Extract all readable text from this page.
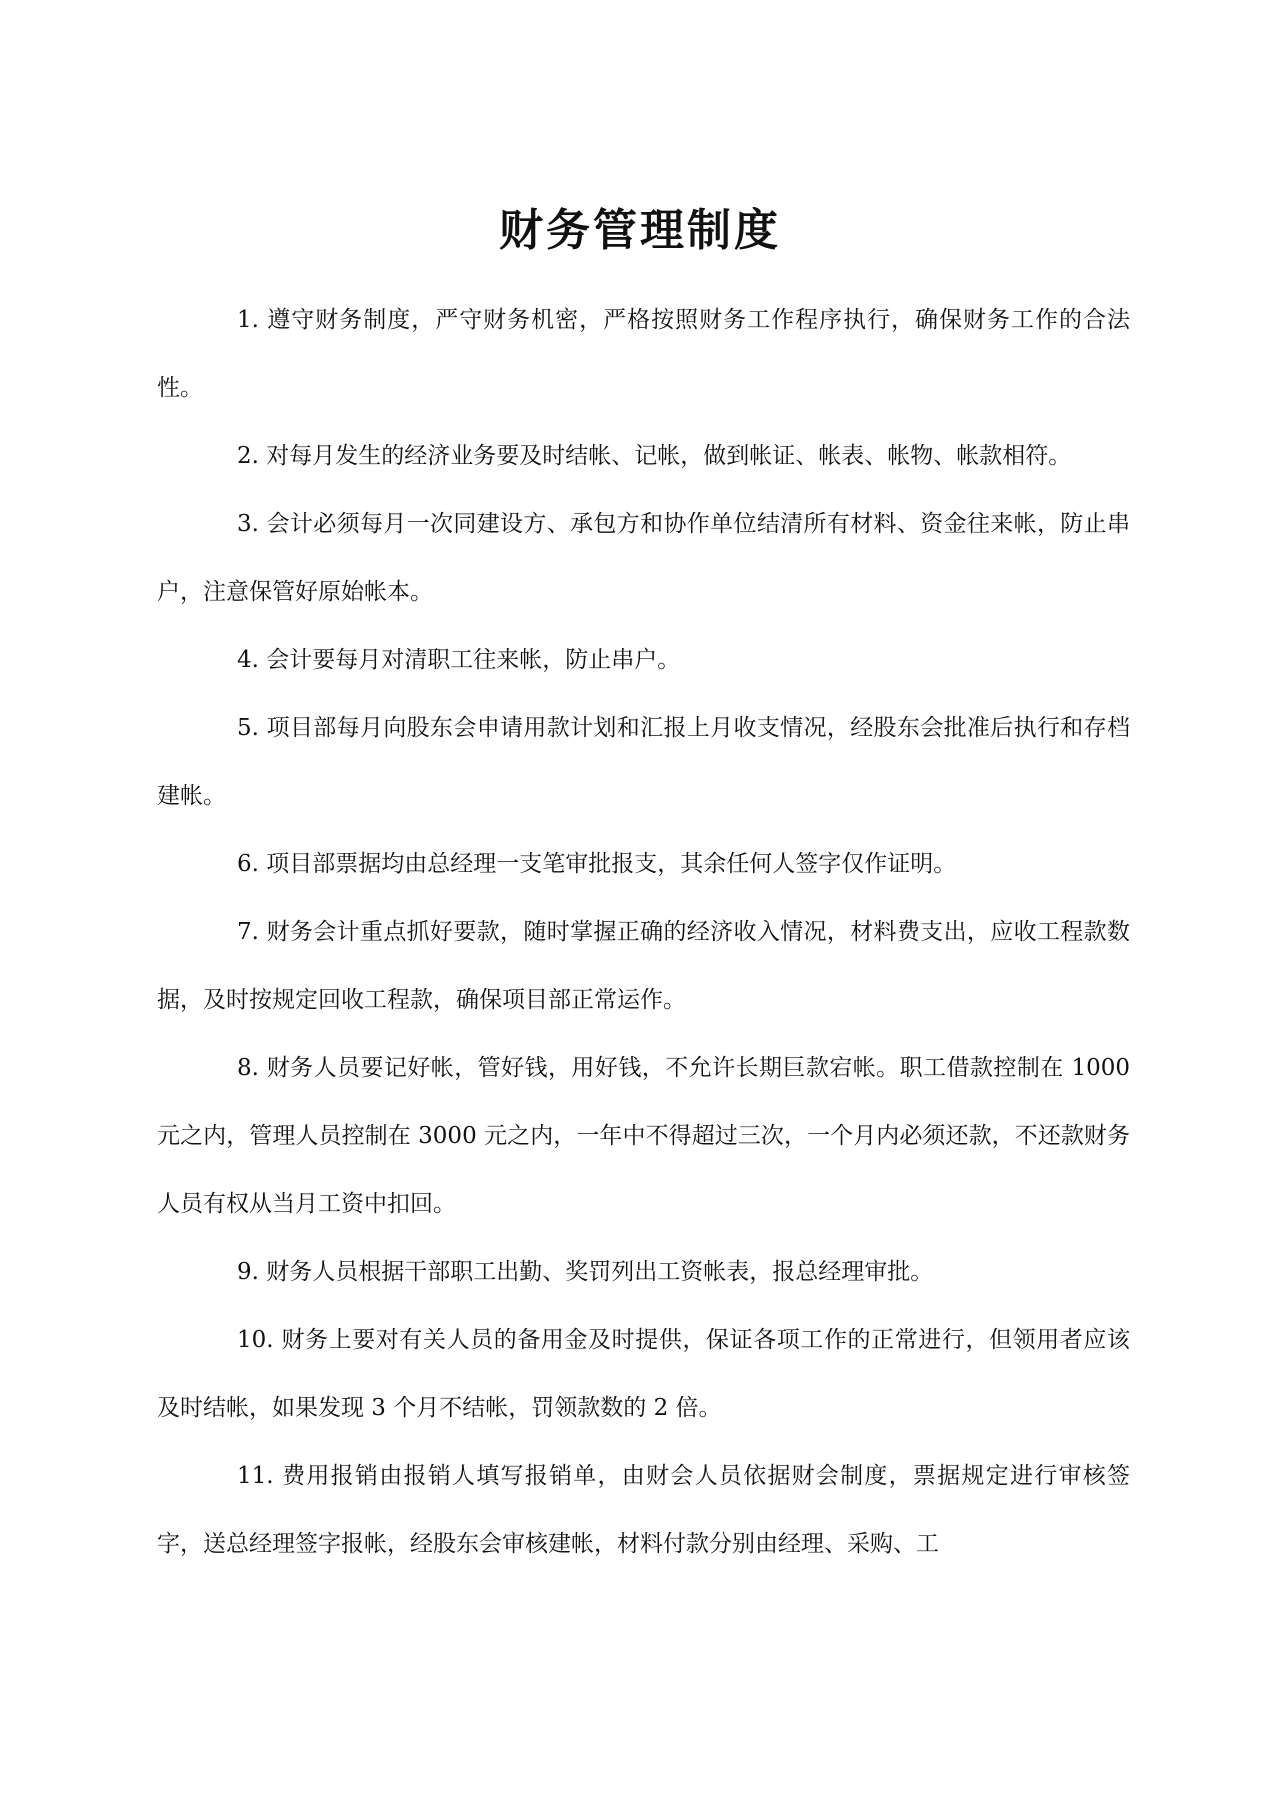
财务管理制度

1. 遵守财务制度，严守财务机密，严格按照财务工作程序执行，确保财务工作的合法性。

2. 对每月发生的经济业务要及时结帐、记帐，做到帐证、帐表、帐物、帐款相符。

3. 会计必须每月一次同建设方、承包方和协作单位结清所有材料、资金往来帐，防止串户，注意保管好原始帐本。

4. 会计要每月对清职工往来帐，防止串户。

5. 项目部每月向股东会申请用款计划和汇报上月收支情况，经股东会批准后执行和存档建帐。

6. 项目部票据均由总经理一支笔审批报支，其余任何人签字仅作证明。

7. 财务会计重点抓好要款，随时掌握正确的经济收入情况，材料费支出，应收工程款数据，及时按规定回收工程款，确保项目部正常运作。

8. 财务人员要记好帐，管好钱，用好钱，不允许长期巨款宕帐。职工借款控制在 1000 元之内，管理人员控制在 3000 元之内，一年中不得超过三次，一个月内必须还款，不还款财务人员有权从当月工资中扣回。

9. 财务人员根据干部职工出勤、奖罚列出工资帐表，报总经理审批。

10. 财务上要对有关人员的备用金及时提供，保证各项工作的正常进行，但领用者应该及时结帐，如果发现 3 个月不结帐，罚领款数的 2 倍。

11. 费用报销由报销人填写报销单，由财会人员依据财会制度，票据规定进行审核签字，送总经理签字报帐，经股东会审核建帐，材料付款分别由经理、采购、工
